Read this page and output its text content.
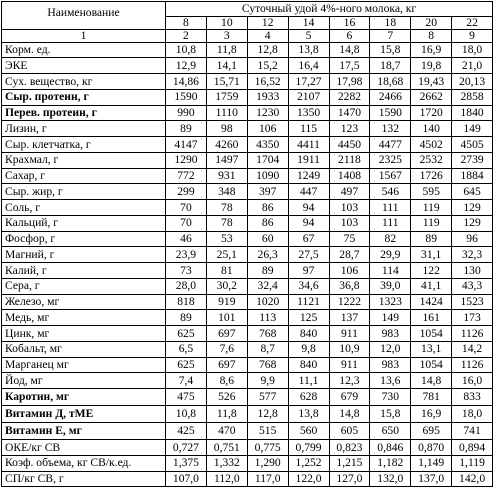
Наименование	Суточный удой 4%-ного молока, кг							
	8	10	12	14	16	18	20	22
1	2	3	4	5	6	7	8	9
Корм. ед.	10,8	11,8	12,8	13,8	14,8	15,8	16,9	18,0
ЭКЕ	12,9	14,1	15,2	16,4	17,5	18,7	19,8	21,0
Сух. вещество, кг	14,86	15,71	16,52	17,27	17,98	18,68	19,43	20,13
Сыр. протеин, г	1590	1759	1933	2107	2282	2466	2662	2858
Перев. протеин, г	990	1110	1230	1350	1470	1590	1720	1840
Лизин, г	89	98	106	115	123	132	140	149
Сыр. клетчатка, г	4147	4260	4350	4411	4450	4477	4502	4505
Крахмал, г	1290	1497	1704	1911	2118	2325	2532	2739
Сахар, г	772	931	1090	1249	1408	1567	1726	1884
Сыр. жир, г	299	348	397	447	497	546	595	645
Соль, г	70	78	86	94	103	111	119	129
Кальций, г	70	78	86	94	103	111	119	129
Фосфор, г	46	53	60	67	75	82	89	96
Магний, г	23,9	25,1	26,3	27,5	28,7	29,9	31,1	32,3
Калий, г	73	81	89	97	106	114	122	130
Сера, г	28,0	30,2	32,4	34,6	36,8	39,0	41,1	43,3
Железо, мг	818	919	1020	1121	1222	1323	1424	1523
Медь, мг	89	101	113	125	137	149	161	173
Цинк, мг	625	697	768	840	911	983	1054	1126
Кобальт, мг	6,5	7,6	8,7	9,8	10,9	12,0	13,1	14,2
Марганец мг	625	697	768	840	911	983	1054	1126
Йод, мг	7,4	8,6	9,9	11,1	12,3	13,6	14,8	16,0
Каротин, мг	475	526	577	628	679	730	781	833
Витамин Д, тМЕ	10,8	11,8	12,8	13,8	14,8	15,8	16,9	18,0
Витамин Е, мг	425	470	515	560	605	650	695	741
ОКЕ/кг СВ	0,727	0,751	0,775	0,799	0,823	0,846	0,870	0,894
Коэф. объема, кг СВ/к.ед.	1,375	1,332	1,290	1,252	1,215	1,182	1,149	1,119
СП/кг СВ, г	107,0	112,0	117,0	122,0	127,0	132,0	137,0	142,0
